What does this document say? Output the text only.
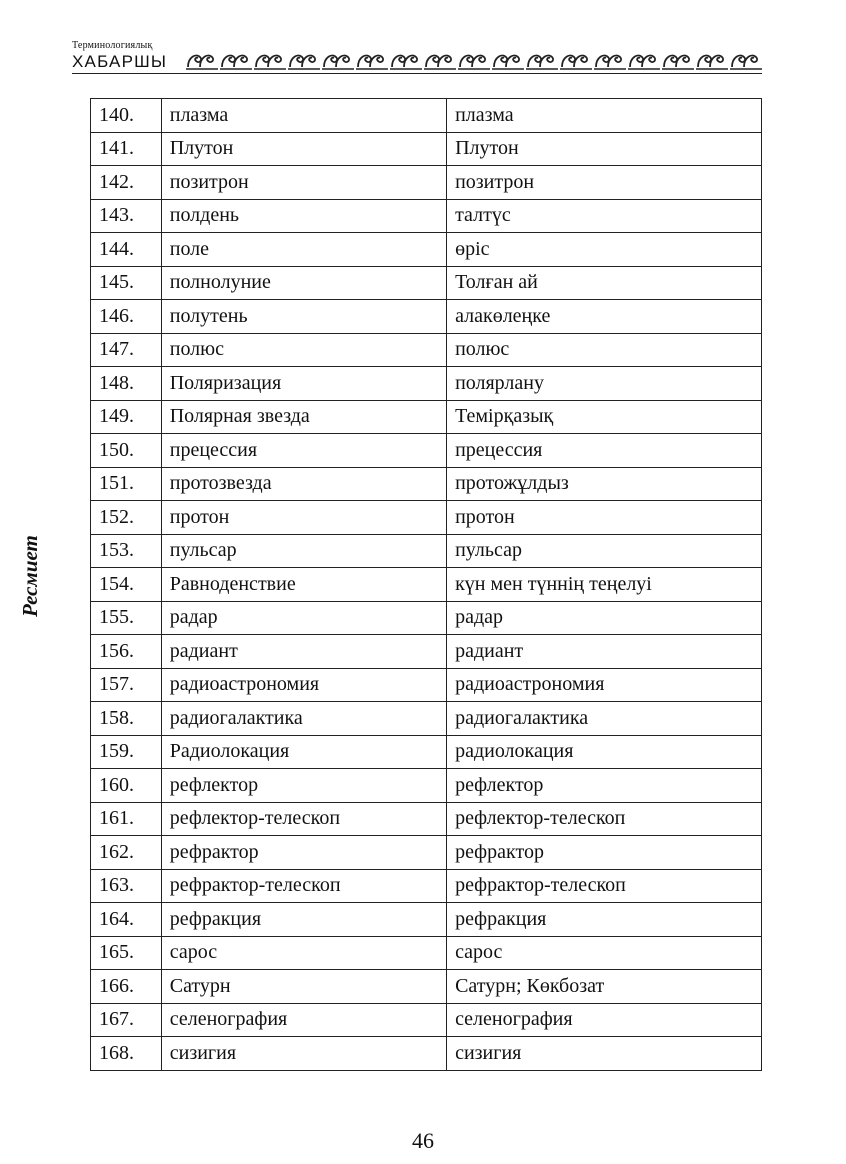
Терминологиялық
ХАБАРШЫ
Ресмиет
140.	плазма	плазма
141.	Плутон	Плутон
142.	позитрон	позитрон
143.	полдень	талтүс
144.	поле	өріс
145.	полнолуние	Толған ай
146.	полутень	алакөлеңке
147.	полюс	полюс
148.	Поляризация	полярлану
149.	Полярная звезда	Темірқазық
150.	прецессия	прецессия
151.	протозвезда	протожұлдыз
152.	протон	протон
153.	пульсар	пульсар
154.	Равноденствие	күн мен түннің теңелуі
155.	радар	радар
156.	радиант	радиант
157.	радиоастрономия	радиоастрономия
158.	радиогалактика	радиогалактика
159.	Радиолокация	радиолокация
160.	рефлектор	рефлектор
161.	рефлектор-телескоп	рефлектор-телескоп
162.	рефрактор	рефрактор
163.	рефрактор-телескоп	рефрактор-телескоп
164.	рефракция	рефракция
165.	сарос	сарос
166.	Сатурн	Сатурн; Көкбозат
167.	селенография	селенография
168.	сизигия	сизигия
46
